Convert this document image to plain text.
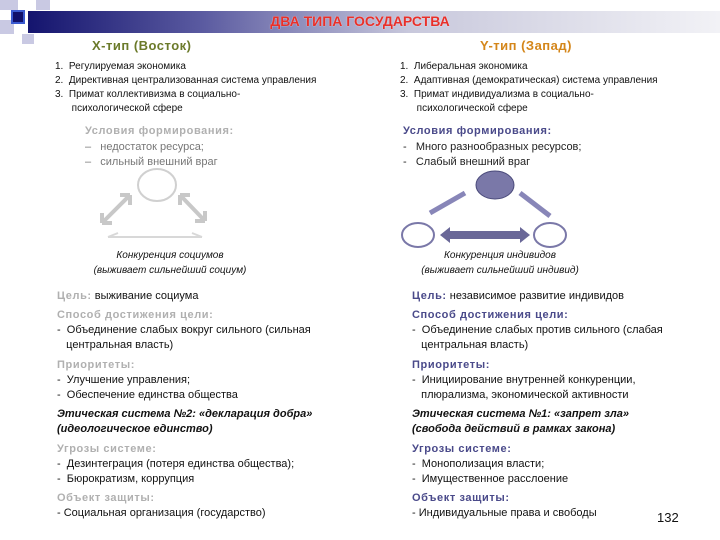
ДВА ТИПА ГОСУДАРСТВА
Х-тип (Восток)
1.  Регулируемая экономика
2.  Директивная централизованная система управления
3.  Примат коллективизма в социально-
психологической сфере
Условия формирования:
–   недостаток ресурса;
–   сильный внешний враг
Конкуренция социумов
(выживает сильнейший социум)
Цель: выживание социума
Способ достижения цели:
-  Объединение слабых вокруг сильного (сильная
центральная власть)
Приоритеты:
-  Улучшение управления;
-  Обеспечение единства общества
Угрозы системе:
-  Дезинтеграция (потеря единства общества);
-  Бюрократизм, коррупция
Объект защиты:
- Социальная организация (государство)
Этическая система №2: «декларация добра»
(идеологическое единство)
Y-тип (Запад)
1.  Либеральная экономика
2.  Адаптивная (демократическая) система управления
3.  Примат индивидуализма в социально-
психологической сфере
Условия формирования:
-   Много разнообразных ресурсов;
-   Слабый внешний враг
Конкуренция индивидов
(выживает сильнейший индивид)
Цель: независимое развитие индивидов
Способ достижения цели:
-  Объединение слабых против сильного (слабая
центральная власть)
Приоритеты:
-  Инициирование внутренней конкуренции,
плюрализма, экономической активности
Угрозы системе:
-  Монополизация власти;
-  Имущественное расслоение
Объект защиты:
- Индивидуальные права и свободы
Этическая система №1: «запрет зла»
(свобода действий в рамках закона)
132
